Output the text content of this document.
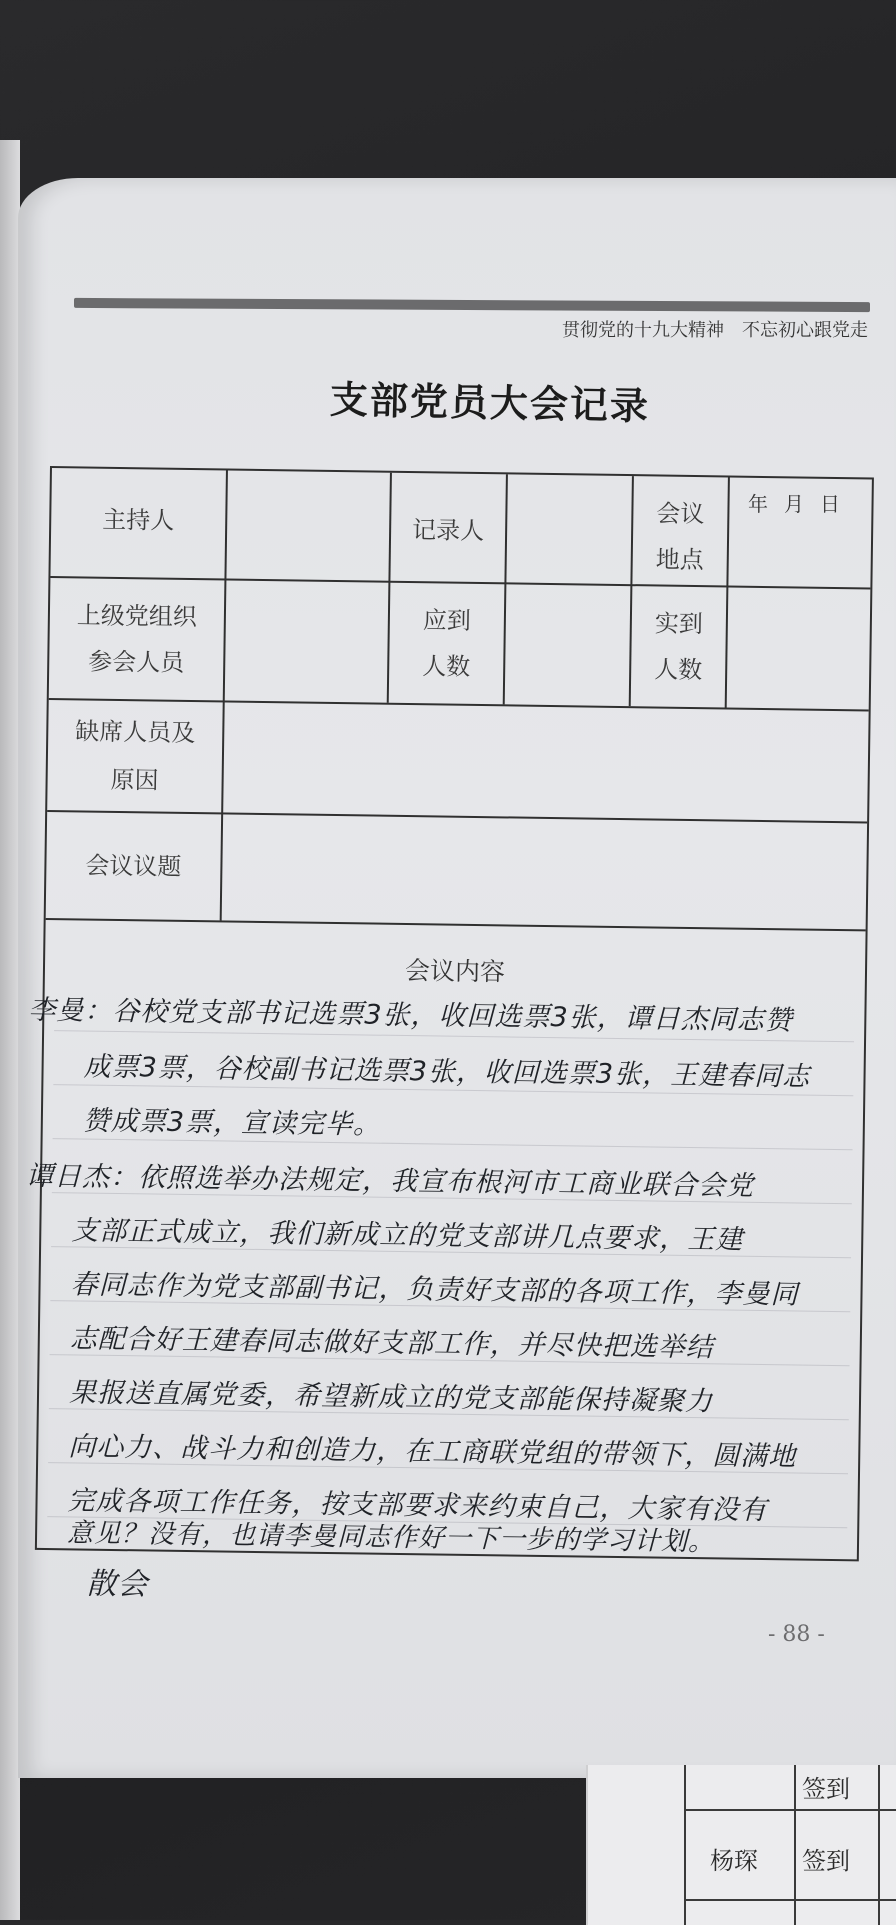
贯彻党的十九大精神 不忘初心跟党走
支部党员大会记录
年 月 日
主持人	记录人
会议
地点
上级党组织
参会人员
应到
人数
实到
人数
缺席人员及
原因
会议议题
会议内容
李曼：谷校党支部书记选票3张，收回选票3张，谭日杰同志赞
成票3票，谷校副书记选票3张，收回选票3张，王建春同志
赞成票3票，宣读完毕。
谭日杰：依照选举办法规定，我宣布根河市工商业联合会党
支部正式成立，我们新成立的党支部讲几点要求，王建
春同志作为党支部副书记，负责好支部的各项工作，李曼同
志配合好王建春同志做好支部工作，并尽快把选举结
果报送直属党委，希望新成立的党支部能保持凝聚力
向心力、战斗力和创造力，在工商联党组的带领下，圆满地
完成各项工作任务，按支部要求来约束自己，大家有没有
意见？没有，也请李曼同志作好一下一步的学习计划。
散会
- 88 -
签到
杨琛 签到
